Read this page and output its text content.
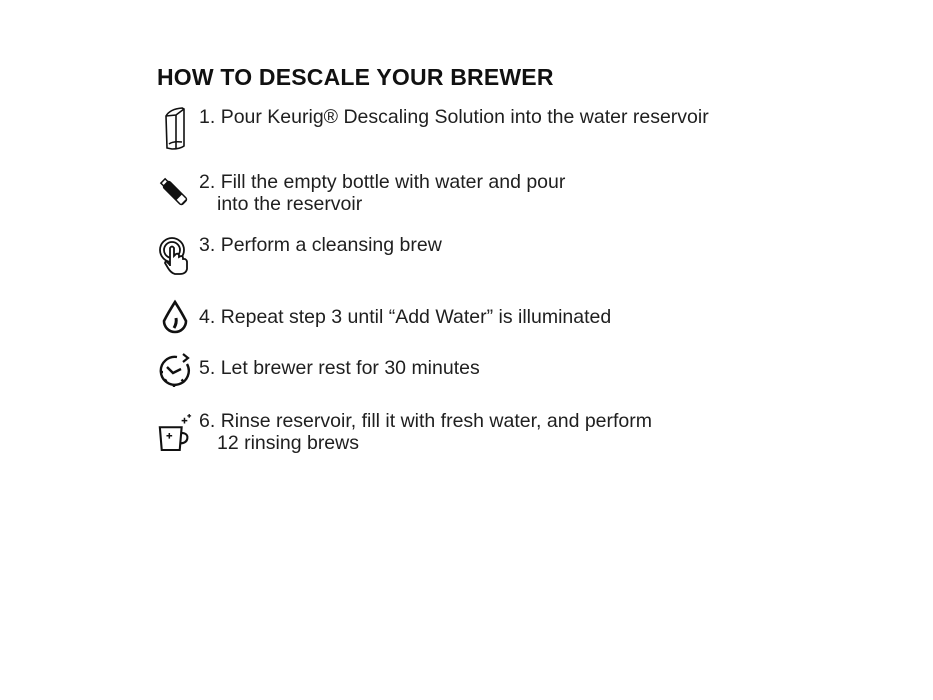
HOW TO DESCALE YOUR BREWER
1. Pour Keurig® Descaling Solution into the water reservoir
2. Fill the empty bottle with water and pour
into the reservoir
3. Perform a cleansing brew
4. Repeat step 3 until “Add Water” is illuminated
5. Let brewer rest for 30 minutes
6. Rinse reservoir, fill it with fresh water, and perform
12 rinsing brews
